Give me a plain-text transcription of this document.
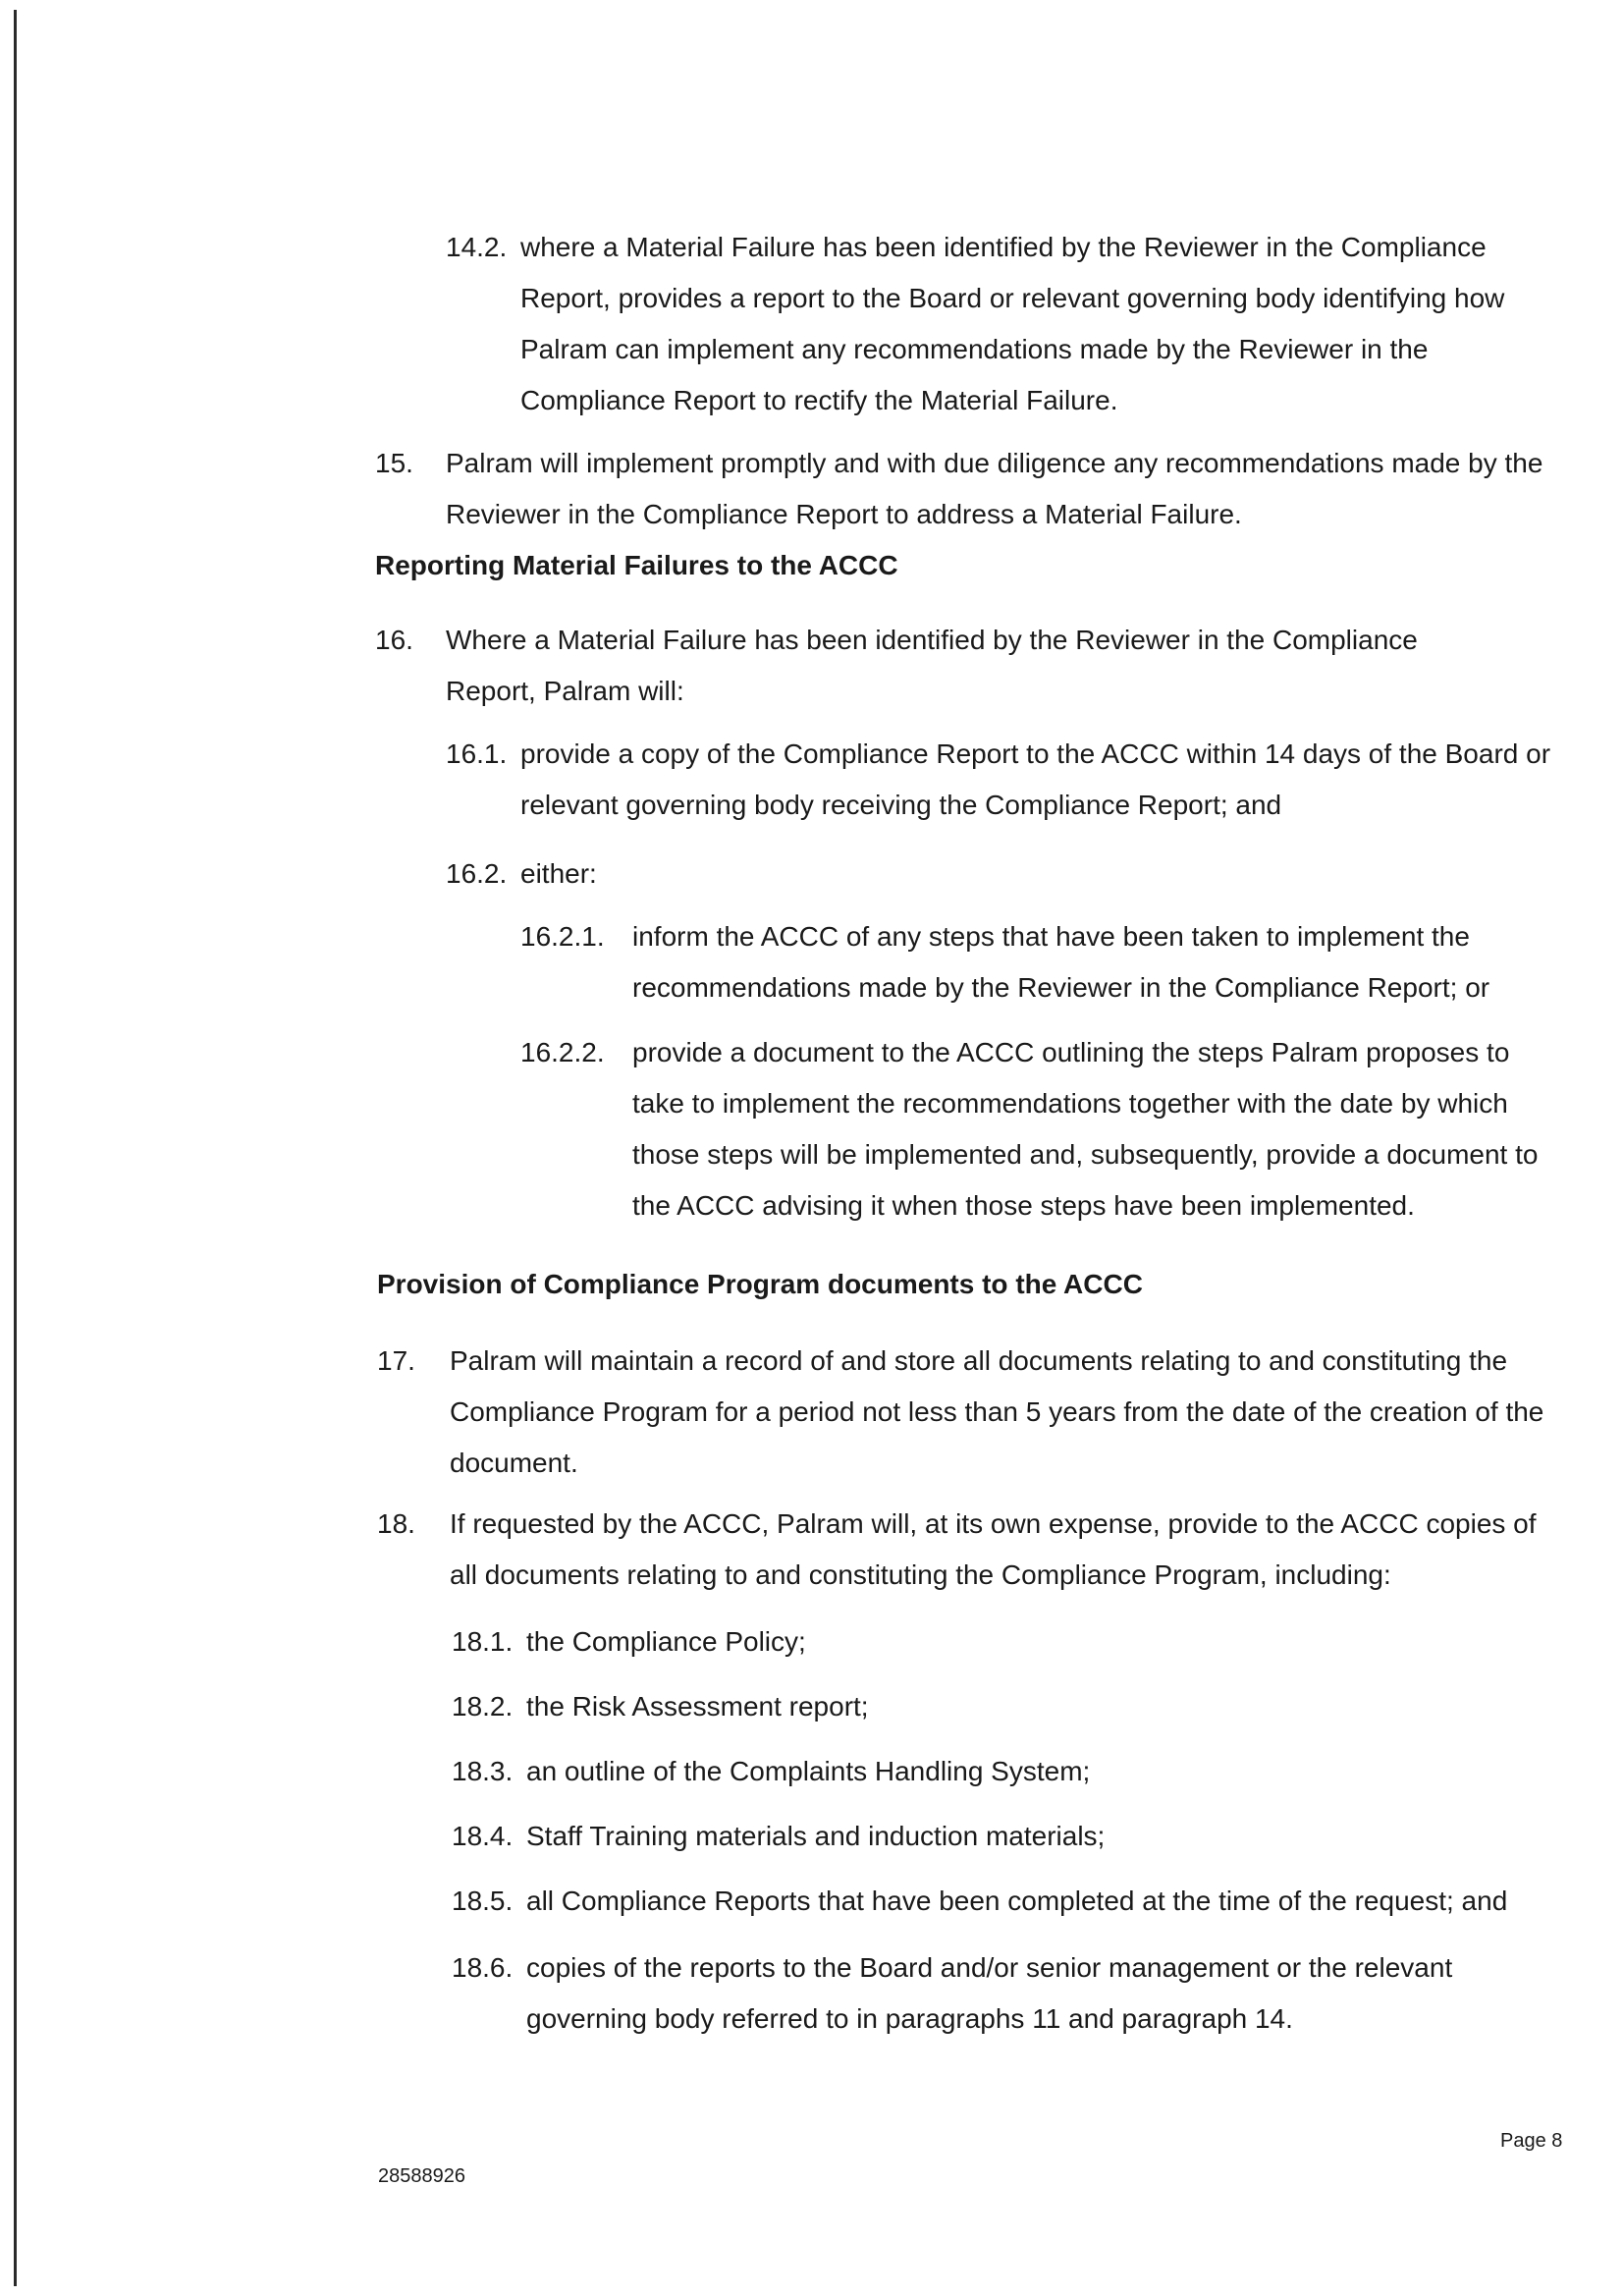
14.2. where a Material Failure has been identified by the Reviewer in the Compliance Report, provides a report to the Board or relevant governing body identifying how Palram can implement any recommendations made by the Reviewer in the Compliance Report to rectify the Material Failure.
15.	Palram will implement promptly and with due diligence any recommendations made by the Reviewer in the Compliance Report to address a Material Failure.
Reporting Material Failures to the ACCC
16.	Where a Material Failure has been identified by the Reviewer in the Compliance Report, Palram will:
16.1. provide a copy of the Compliance Report to the ACCC within 14 days of the Board or relevant governing body receiving the Compliance Report; and
16.2. either:
16.2.1.	inform the ACCC of any steps that have been taken to implement the recommendations made by the Reviewer in the Compliance Report; or
16.2.2.	provide a document to the ACCC outlining the steps Palram proposes to take to implement the recommendations together with the date by which those steps will be implemented and, subsequently, provide a document to the ACCC advising it when those steps have been implemented.
Provision of Compliance Program documents to the ACCC
17.	Palram will maintain a record of and store all documents relating to and constituting the Compliance Program for a period not less than 5 years from the date of the creation of the document.
18.	If requested by the ACCC, Palram will, at its own expense, provide to the ACCC copies of all documents relating to and constituting the Compliance Program, including:
18.1. the Compliance Policy;
18.2. the Risk Assessment report;
18.3. an outline of the Complaints Handling System;
18.4. Staff Training materials and induction materials;
18.5. all Compliance Reports that have been completed at the time of the request; and
18.6. copies of the reports to the Board and/or senior management or the relevant governing body referred to in paragraphs 11 and paragraph 14.
Page 8
28588926
